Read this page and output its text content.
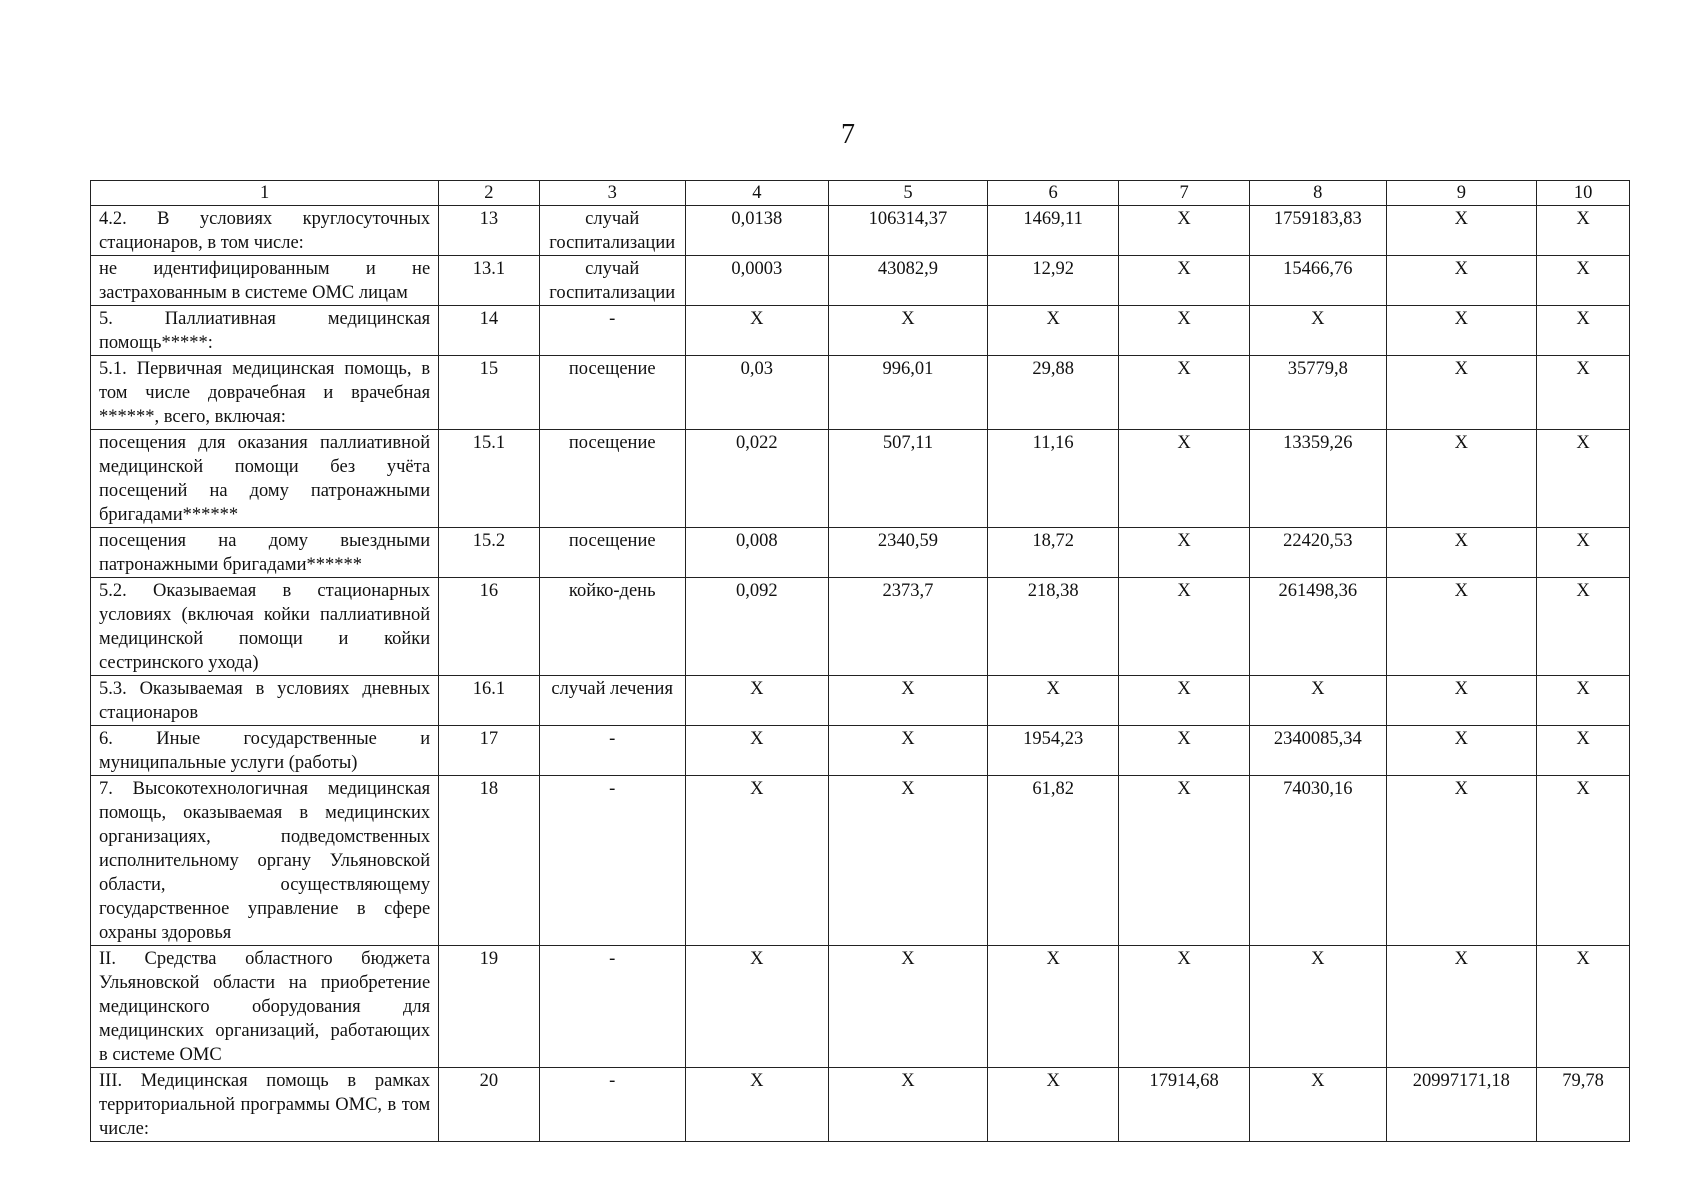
7
1	2	3	4	5	6	7	8	9	10
4.2. В условиях круглосуточных стационаров, в том числе:	13	случай госпитализации	0,0138	106314,37	1469,11	X	1759183,83	X	X
не идентифицированным и не застрахованным в системе ОМС лицам	13.1	случай госпитализации	0,0003	43082,9	12,92	X	15466,76	X	X
5. Паллиативная медицинская помощь*****:	14	-	X	X	X	X	X	X	X
5.1. Первичная медицинская помощь, в том числе доврачебная и врачебная ******, всего, включая:	15	посещение	0,03	996,01	29,88	X	35779,8	X	X
посещения для оказания паллиативной медицинской помощи без учёта посещений на дому патронажными бригадами******	15.1	посещение	0,022	507,11	11,16	X	13359,26	X	X
посещения на дому выездными патронажными бригадами******	15.2	посещение	0,008	2340,59	18,72	X	22420,53	X	X
5.2. Оказываемая в стационарных условиях (включая койки паллиативной медицинской помощи и койки сестринского ухода)	16	койко-день	0,092	2373,7	218,38	X	261498,36	X	X
5.3. Оказываемая в условиях дневных стационаров	16.1	случай лечения	X	X	X	X	X	X	X
6. Иные государственные и муниципальные услуги (работы)	17	-	X	X	1954,23	X	2340085,34	X	X
7. Высокотехнологичная медицинская помощь, оказываемая в медицинских организациях, подведомственных исполнительному органу Ульяновской области, осуществляющему государственное управление в сфере охраны здоровья	18	-	X	X	61,82	X	74030,16	X	X
II. Средства областного бюджета Ульяновской области на приобретение медицинского оборудования для медицинских организаций, работающих в системе ОМС	19	-	X	X	X	X	X	X	X
III. Медицинская помощь в рамках территориальной программы ОМС, в том числе:	20	-	X	X	X	17914,68	X	20997171,18	79,78
